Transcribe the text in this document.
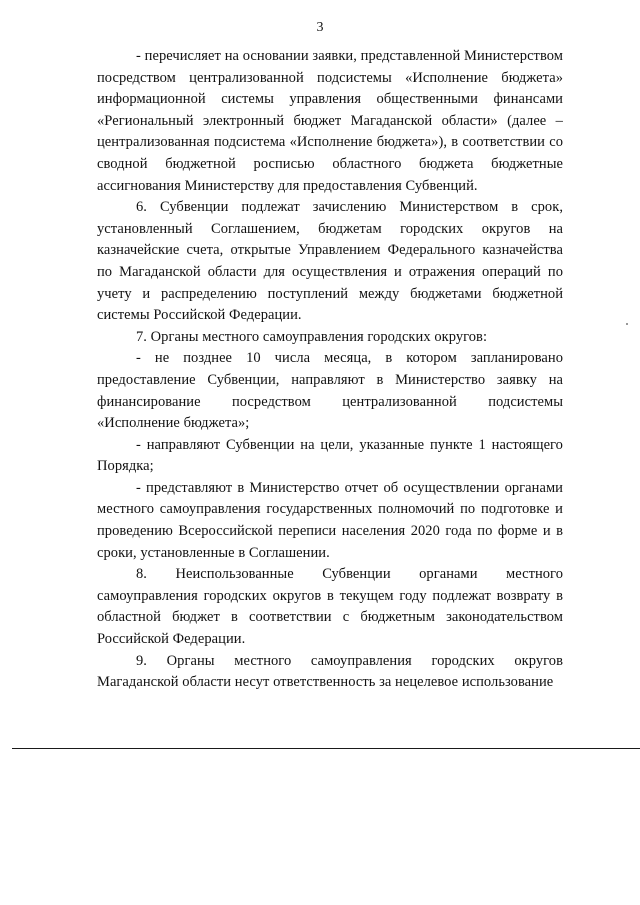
3

- перечисляет на основании заявки, представленной Министерством посредством централизованной подсистемы «Исполнение бюджета» информационной системы управления общественными финансами «Региональный электронный бюджет Магаданской области» (далее – централизованная подсистема «Исполнение бюджета»), в соответствии со сводной бюджетной росписью областного бюджета бюджетные ассигнования Министерству для предоставления Субвенций.

6. Субвенции подлежат зачислению Министерством в срок, установленный Соглашением, бюджетам городских округов на казначейские счета, открытые Управлением Федерального казначейства по Магаданской области для осуществления и отражения операций по учету и распределению поступлений между бюджетами бюджетной системы Российской Федерации.

7. Органы местного самоуправления городских округов:

- не позднее 10 числа месяца, в котором запланировано предоставление Субвенции, направляют в Министерство заявку на финансирование посредством централизованной подсистемы «Исполнение бюджета»;

- направляют Субвенции на цели, указанные пункте 1 настоящего Порядка;

- представляют в Министерство отчет об осуществлении органами местного самоуправления государственных полномочий по подготовке и проведению Всероссийской переписи населения 2020 года по форме и в сроки, установленные в Соглашении.

8. Неиспользованные Субвенции органами местного самоуправления городских округов в текущем году подлежат возврату в областной бюджет в соответствии с бюджетным законодательством Российской Федерации.

9. Органы местного самоуправления городских округов Магаданской области несут ответственность за нецелевое использование
